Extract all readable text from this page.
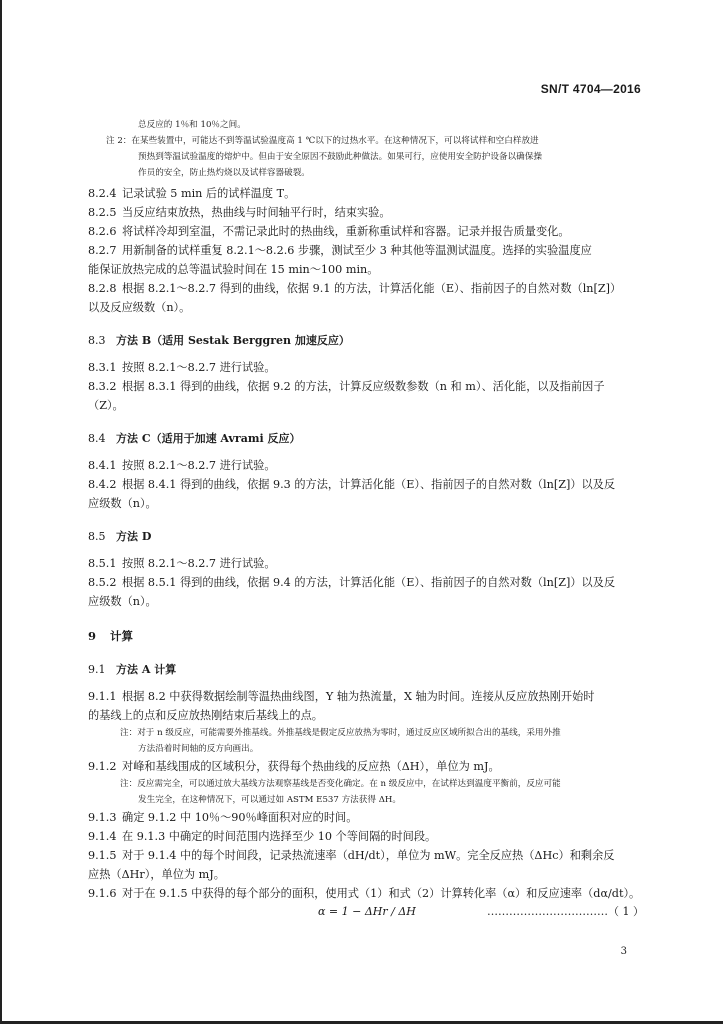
SN/T 4704—2016
总反应的 1％和 10％之间。
注 2：在某些装置中，可能达不到等温试验温度高 1 ℃以下的过热水平。在这种情况下，可以将试样和空白样放进
预热到等温试验温度的熔炉中。但由于安全原因不鼓励此种做法。如果可行，应使用安全防护设备以确保操
作员的安全，防止热灼烧以及试样容器破裂。
8.2.4 记录试验 5 min 后的试样温度 T。
8.2.5 当反应结束放热，热曲线与时间轴平行时，结束实验。
8.2.6 将试样冷却到室温，不需记录此时的热曲线，重新称重试样和容器。记录并报告质量变化。
8.2.7 用新制备的试样重复 8.2.1～8.2.6 步骤，测试至少 3 种其他等温测试温度。选择的实验温度应
能保证放热完成的总等温试验时间在 15 min～100 min。
8.2.8 根据 8.2.1～8.2.7 得到的曲线，依据 9.1 的方法，计算活化能（E）、指前因子的自然对数（ln[Z]）
以及反应级数（n）。
8.3 方法 B（适用 Sestak Berggren 加速反应）
8.3.1 按照 8.2.1～8.2.7 进行试验。
8.3.2 根据 8.3.1 得到的曲线，依据 9.2 的方法，计算反应级数参数（n 和 m）、活化能，以及指前因子
（Z）。
8.4 方法 C（适用于加速 Avrami 反应）
8.4.1 按照 8.2.1～8.2.7 进行试验。
8.4.2 根据 8.4.1 得到的曲线，依据 9.3 的方法，计算活化能（E）、指前因子的自然对数（ln[Z]）以及反
应级数（n）。
8.5 方法 D
8.5.1 按照 8.2.1～8.2.7 进行试验。
8.5.2 根据 8.5.1 得到的曲线，依据 9.4 的方法，计算活化能（E）、指前因子的自然对数（ln[Z]）以及反
应级数（n）。
9 计算
9.1 方法 A 计算
9.1.1 根据 8.2 中获得数据绘制等温热曲线图，Y 轴为热流量，X 轴为时间。连接从反应放热刚开始时
的基线上的点和反应放热刚结束后基线上的点。
注：对于 n 级反应，可能需要外推基线。外推基线是假定反应放热为零时，通过反应区域所拟合出的基线，采用外推
方法沿着时间轴的反方向画出。
9.1.2 对峰和基线围成的区域积分，获得每个热曲线的反应热（ΔH），单位为 mJ。
注：反应需完全，可以通过放大基线方法观察基线是否变化确定。在 n 级反应中，在试样达到温度平衡前，反应可能
发生完全，在这种情况下，可以通过如 ASTM E537 方法获得 ΔH。
9.1.3 确定 9.1.2 中 10％～90％峰面积对应的时间。
9.1.4 在 9.1.3 中确定的时间范围内选择至少 10 个等间隔的时间段。
9.1.5 对于 9.1.4 中的每个时间段，记录热流速率（dH/dt），单位为 mW。完全反应热（ΔHc）和剩余反
应热（ΔHr），单位为 mJ。
9.1.6 对于在 9.1.5 中获得的每个部分的面积，使用式（1）和式（2）计算转化率（α）和反应速率（dα/dt）。
α = 1 − ΔHr / ΔH	……………………………（ 1 ）
3
